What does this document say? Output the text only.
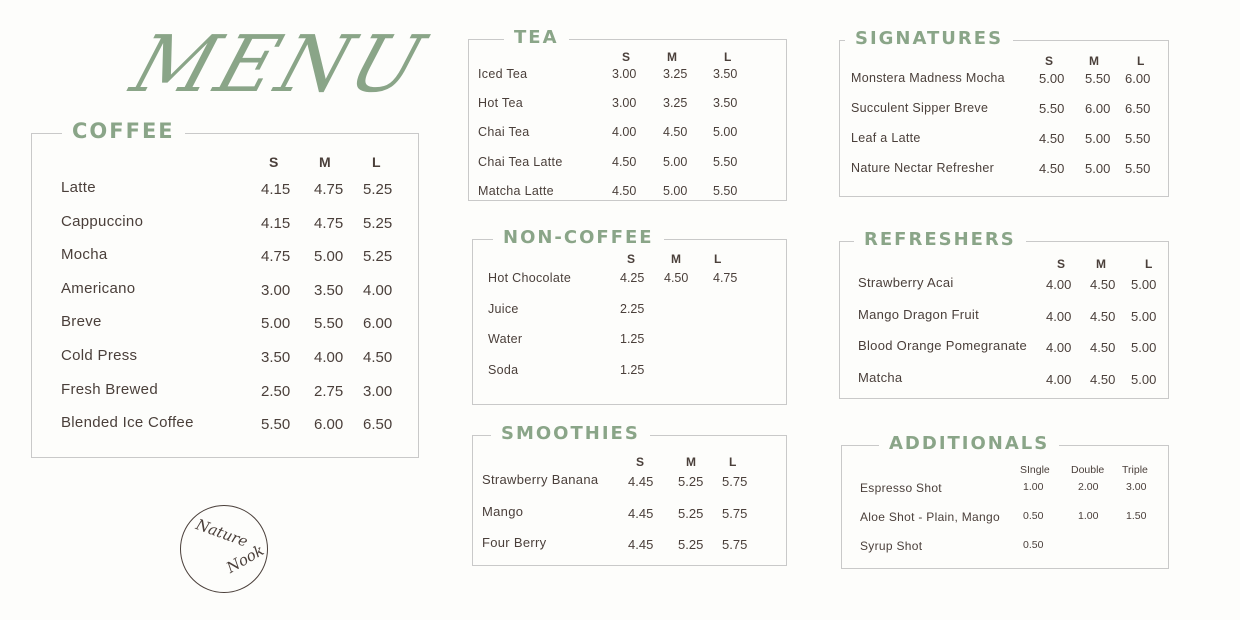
MENU
Nature
Nook
COFFEE
S	M	L
Latte	4.15 4.75 5.25
Cappuccino	4.15 4.75 5.25
Mocha	4.75 5.00 5.25
Americano	3.00 3.50 4.00
Breve	5.00 5.50 6.00
Cold Press	3.50 4.00 4.50
Fresh Brewed	2.50 2.75 3.00
Blended Ice Coffee	5.50 6.00 6.50
TEA
S	M	L
Iced Tea	3.00 3.25 3.50
Hot Tea	3.00 3.25 3.50
Chai Tea	4.00 4.50 5.00
Chai Tea Latte	4.50 5.00 5.50
Matcha Latte	4.50 5.00 5.50
NON-COFFEE
S	M	L
Hot Chocolate	4.25 4.50 4.75
Juice	2.25
Water	1.25
Soda	1.25
SMOOTHIES
S	M	L
Strawberry Banana 4.45 5.25 5.75
Mango	4.45 5.25 5.75
Four Berry	4.45 5.25 5.75
SIGNATURES
S	M	L
Monstera Madness Mocha	5.00 5.50 6.00
Succulent Sipper Breve	5.50 6.00 6.50
Leaf a Latte	4.50 5.00 5.50
Nature Nectar Refresher	4.50 5.00 5.50
REFRESHERS
S	M	L
Strawberry Acai	4.00 4.50 5.00
Mango Dragon Fruit	4.00 4.50 5.00
Blood Orange Pomegranate 4.00 4.50 5.00
Matcha	4.00 4.50 5.00
ADDITIONALS
SIngle Double Triple
Espresso Shot	1.00	2.00	3.00
Aloe Shot - Plain, Mango 0.50	1.00	1.50
Syrup Shot	0.50
